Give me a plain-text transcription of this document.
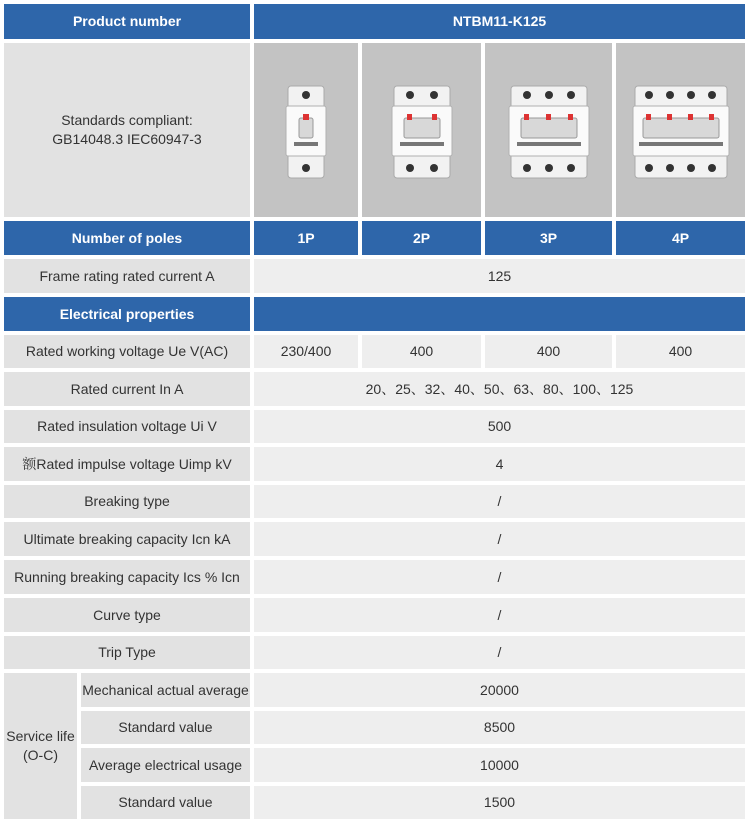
Product number	NTBM11-K125
Standards compliant:
GB14048.3 IEC60947-3
Number of poles	1P	2P	3P	4P
Frame rating rated current A	125
Electrical properties
Rated working voltage Ue V(AC)	230/400	400	400	400
Rated current In A	20、25、32、40、50、63、80、100、125
Rated insulation voltage Ui V	500
额Rated impulse voltage Uimp kV	4
Breaking type	/
Ultimate breaking capacity Icn kA	/
Running breaking capacity Ics % Icn	/
Curve type	/
Trip Type	/
Service life
(O-C)
Mechanical actual average	20000
Standard value	8500
Average electrical usage	10000
Standard value	1500
